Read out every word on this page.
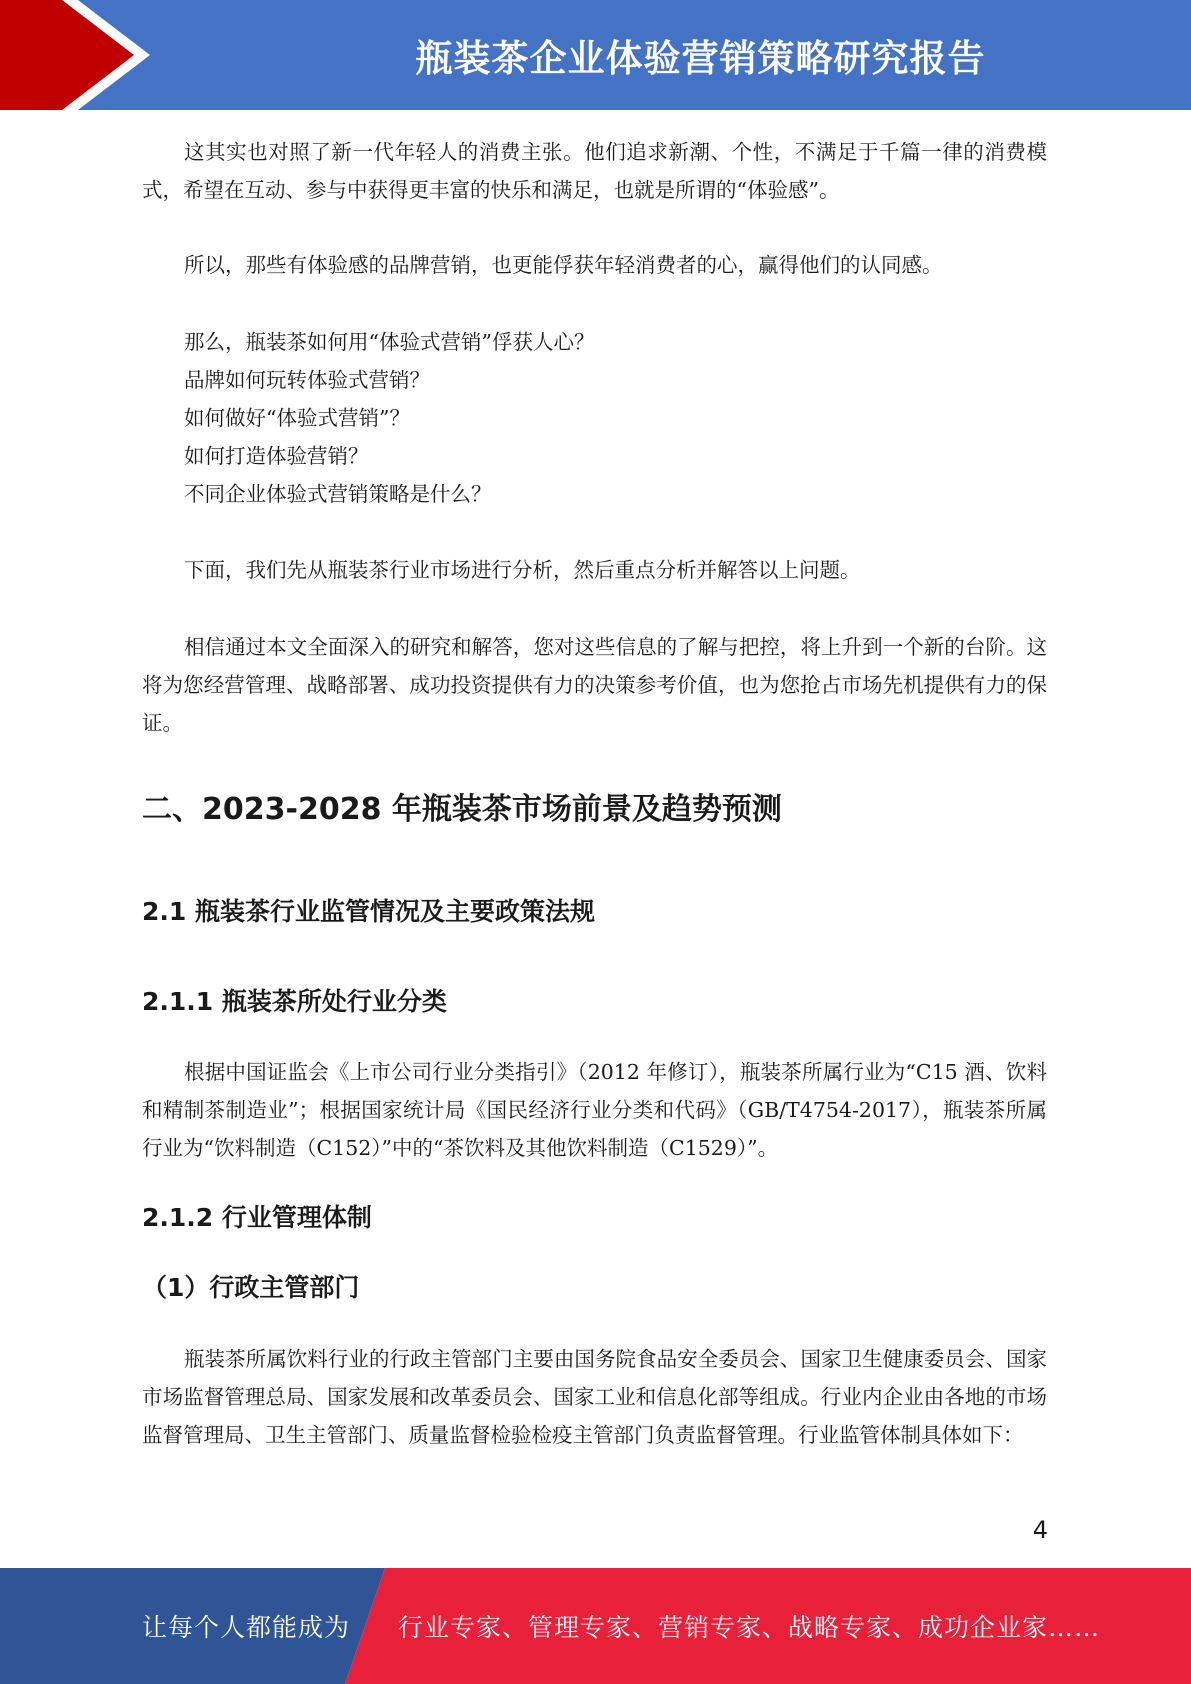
瓶装茶企业体验营销策略研究报告

这其实也对照了新一代年轻人的消费主张。他们追求新潮、个性，不满足于千篇一律的消费模式，希望在互动、参与中获得更丰富的快乐和满足，也就是所谓的“体验感”。

所以，那些有体验感的品牌营销，也更能俘获年轻消费者的心，赢得他们的认同感。

那么，瓶装茶如何用“体验式营销”俘获人心？

品牌如何玩转体验式营销？

如何做好“体验式营销”？

如何打造体验营销？

不同企业体验式营销策略是什么？

下面，我们先从瓶装茶行业市场进行分析，然后重点分析并解答以上问题。

相信通过本文全面深入的研究和解答，您对这些信息的了解与把控，将上升到一个新的台阶。这将为您经营管理、战略部署、成功投资提供有力的决策参考价值，也为您抢占市场先机提供有力的保证。

二、2023-2028 年瓶装茶市场前景及趋势预测
2.1 瓶装茶行业监管情况及主要政策法规
2.1.1 瓶装茶所处行业分类

根据中国证监会《上市公司行业分类指引》（2012 年修订），瓶装茶所属行业为“C15 酒、饮料和精制茶制造业”；根据国家统计局《国民经济行业分类和代码》（GB/T4754-2017），瓶装茶所属行业为“饮料制造（C152）”中的“茶饮料及其他饮料制造（C1529）”。

2.1.2 行业管理体制
（1）行政主管部门

瓶装茶所属饮料行业的行政主管部门主要由国务院食品安全委员会、国家卫生健康委员会、国家市场监督管理总局、国家发展和改革委员会、国家工业和信息化部等组成。行业内企业由各地的市场监督管理局、卫生主管部门、质量监督检验检疫主管部门负责监督管理。行业监管体制具体如下：

4
让每个人都能成为 行业专家、管理专家、营销专家、战略专家、成功企业家……
